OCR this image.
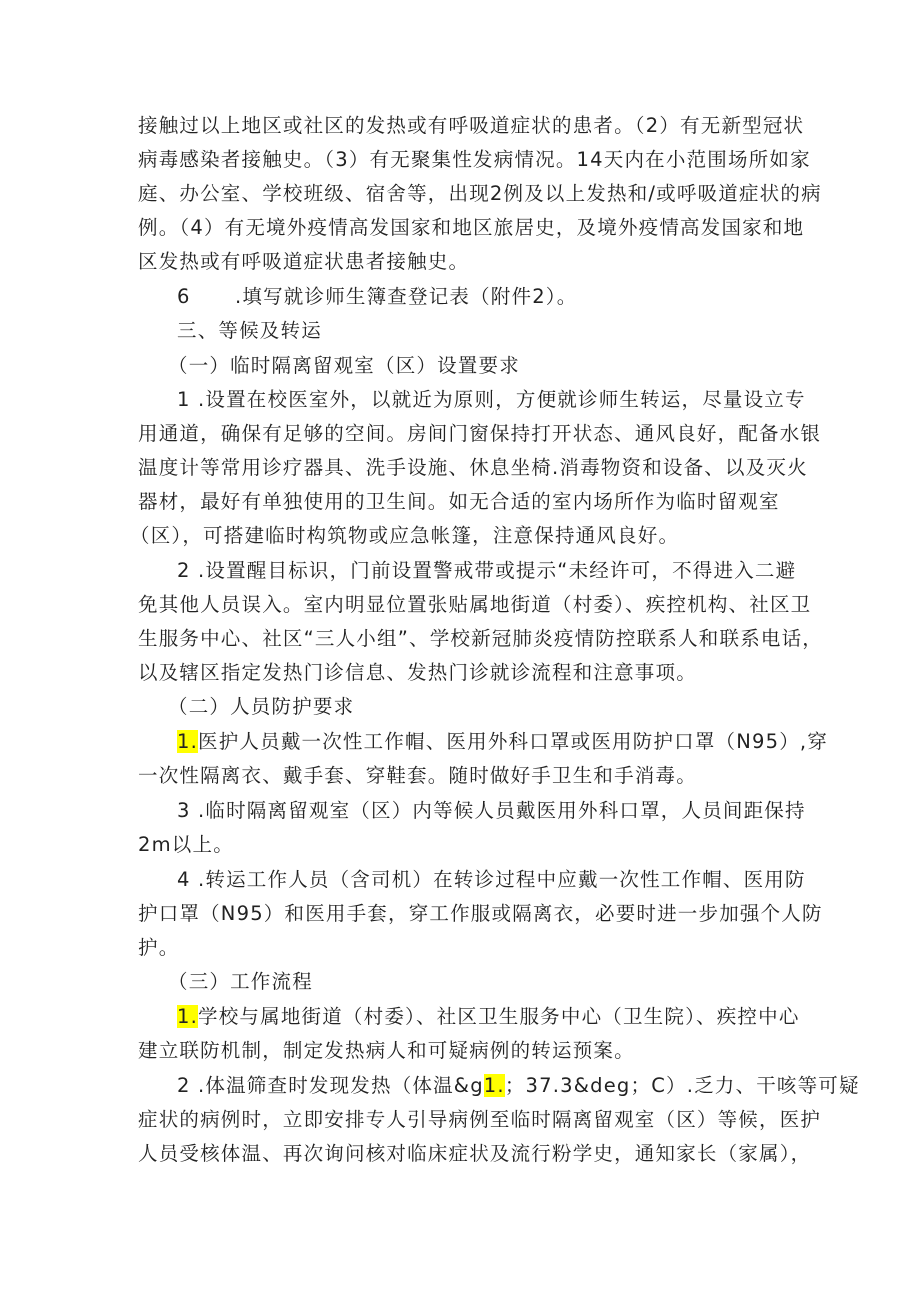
接触过以上地区或社区的发热或有呼吸道症状的患者。（2）有无新型冠状
病毒感染者接触史。（3）有无聚集性发病情况。14天内在小范围场所如家
庭、办公室、学校班级、宿舍等，出现2例及以上发热和/或呼吸道症状的病
例。（4）有无境外疫情高发国家和地区旅居史，及境外疫情高发国家和地
区发热或有呼吸道症状患者接触史。
6      .填写就诊师生簿查登记表（附件2）。
三、等候及转运
（一）临时隔离留观室（区）设置要求
1 .设置在校医室外，以就近为原则，方便就诊师生转运，尽量设立专
用通道，确保有足够的空间。房间门窗保持打开状态、通风良好，配备水银
温度计等常用诊疗器具、洗手设施、休息坐椅.消毒物资和设备、以及灭火
器材，最好有单独使用的卫生间。如无合适的室内场所作为临时留观室
（区），可搭建临时构筑物或应急帐篷，注意保持通风良好。
2 .设置醒目标识，门前设置警戒带或提示“未经许可，不得进入二避
免其他人员误入。室内明显位置张贴属地街道（村委）、疾控机构、社区卫
生服务中心、社区“三人小组”、学校新冠肺炎疫情防控联系人和联系电话，
以及辖区指定发热门诊信息、发热门诊就诊流程和注意事项。
（二）人员防护要求
1.医护人员戴一次性工作帽、医用外科口罩或医用防护口罩（N95）,穿
一次性隔离衣、戴手套、穿鞋套。随时做好手卫生和手消毒。
3 .临时隔离留观室（区）内等候人员戴医用外科口罩，人员间距保持
2m以上。
4 .转运工作人员（含司机）在转诊过程中应戴一次性工作帽、医用防
护口罩（N95）和医用手套，穿工作服或隔离衣，必要时进一步加强个人防
护。
（三）工作流程
1.学校与属地街道（村委）、社区卫生服务中心（卫生院）、疾控中心
建立联防机制，制定发热病人和可疑病例的转运预案。
2 .体温筛查时发现发热（体温&g1.；37.3&deg；C）.乏力、干咳等可疑
症状的病例时，立即安排专人引导病例至临时隔离留观室（区）等候，医护
人员受核体温、再次询问核对临床症状及流行粉学史，通知家长（家属），
